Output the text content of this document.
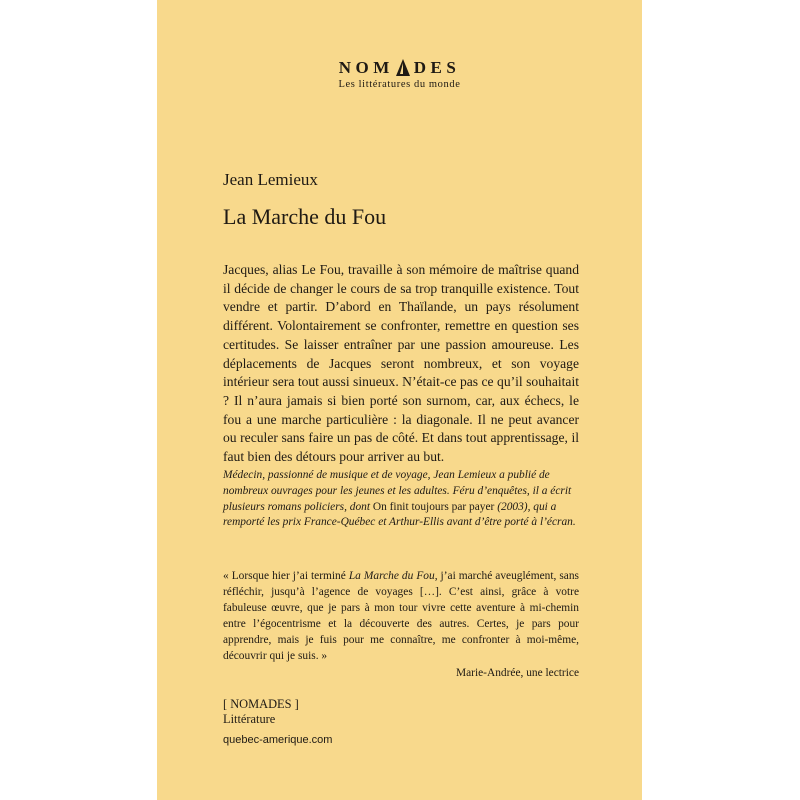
NOM DES
Les littératures du monde
Jean Lemieux
La Marche du Fou

Jacques, alias Le Fou, travaille à son mémoire de maîtrise quand il décide de changer le cours de sa trop tranquille existence. Tout vendre et partir. D’abord en Thaïlande, un pays résolument différent. Volontairement se confronter, remettre en question ses certitudes. Se laisser entraîner par une passion amoureuse. Les déplacements de Jacques seront nombreux, et son voyage intérieur sera tout aussi sinueux. N’était-ce pas ce qu’il souhaitait ? Il n’aura jamais si bien porté son surnom, car, aux échecs, le fou a une marche particulière : la diagonale. Il ne peut avancer ou reculer sans faire un pas de côté. Et dans tout apprentissage, il faut bien des détours pour arriver au but.

Médecin, passionné de musique et de voyage, Jean Lemieux a publié de nombreux ouvrages pour les jeunes et les adultes. Féru d’enquêtes, il a écrit plusieurs romans policiers, dont On finit toujours par payer (2003), qui a remporté les prix France-Québec et Arthur-Ellis avant d’être porté à l’écran.
« Lorsque hier j’ai terminé La Marche du Fou, j’ai marché aveuglément, sans réfléchir, jusqu’à l’agence de voyages […]. C’est ainsi, grâce à votre fabuleuse œuvre, que je pars à mon tour vivre cette aventure à mi-chemin entre l’égocentrisme et la découverte des autres. Certes, je pars pour apprendre, mais je fuis pour me connaître, me confronter à moi-même, découvrir qui je suis. »
Marie-Andrée, une lectrice
[ NOMADES ]
Littérature
quebec-amerique.com
